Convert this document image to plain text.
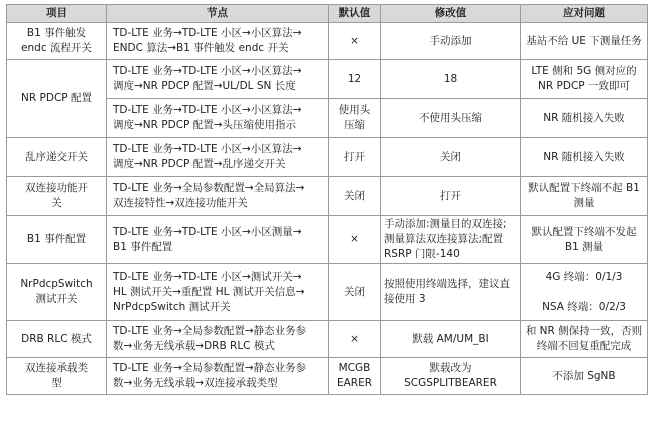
项目	节点	默认值	修改值	应对问题
B1 事件触发
endc 流程开关	TD-LTE 业务→TD-LTE 小区→小区算法→
ENDC 算法→B1 事件触发 endc 开关	×	手动添加	基站不给 UE 下测量任务
NR PDCP 配置	TD-LTE 业务→TD-LTE 小区→小区算法→
调度→NR PDCP 配置→UL/DL SN 长度	12	18	LTE 侧和 5G 侧对应的
NR PDCP 一致即可
	TD-LTE 业务→TD-LTE 小区→小区算法→
调度→NR PDCP 配置→头压缩使用指示	使用头
压缩	不使用头压缩	NR 随机接入失败
乱序递交开关	TD-LTE 业务→TD-LTE 小区→小区算法→
调度→NR PDCP 配置→乱序递交开关	打开	关闭	NR 随机接入失败
双连接功能开
关	TD-LTE 业务→全局参数配置→全局算法→
双连接特性→双连接功能开关	关闭	打开	默认配置下终端不起 B1
测量
B1 事件配置	TD-LTE 业务→TD-LTE 小区→小区测量→
B1 事件配置	×	手动添加:测量目的双连接;
测量算法双连接算法;配置
RSRP 门限-140	默认配置下终端不发起
B1 测量
NrPdcpSwitch
测试开关	TD-LTE 业务→TD-LTE 小区→测试开关→
HL 测试开关→重配置 HL 测试开关信息→
NrPdcpSwitch 测试开关	关闭	按照使用终端选择，建议直
接使用 3	4G 终端：0/1/3

NSA 终端：0/2/3
DRB RLC 模式	TD-LTE 业务→全局参数配置→静态业务参
数→业务无线承载→DRB RLC 模式	×	默载 AM/UM_BI	和 NR 侧保持一致，否则
终端不回复重配完成
双连接承载类
型	TD-LTE 业务→全局参数配置→静态业务参
数→业务无线承载→双连接承载类型	MCGB
EARER	默载改为
SCGSPLITBEARER	不添加 SgNB
